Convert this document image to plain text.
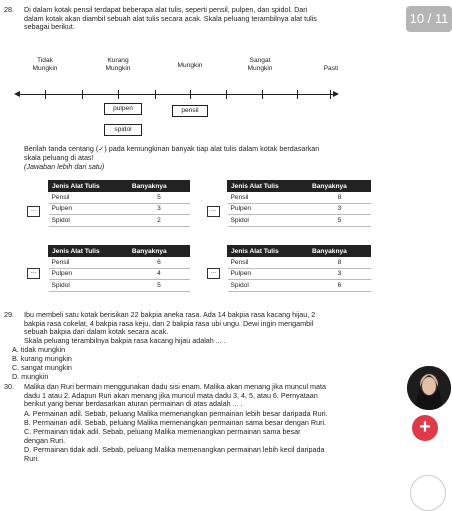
28. Di dalam kotak pensil terdapat beberapa alat tulis, seperti pensil, pulpen, dan spidol. Dari
dalam kotak akan diambil sebuah alat tulis secara acak. Skala peluang terambilnya alat tulis
sebagai berikut.
10 / 11
Tidak
Mungkin
Kurang
Mungkin	Mungkin
Sangat
Mungkin	Pasti
pulpen	pensil
spidol
Berilah tanda centang (✓) pada kemungkinan banyak tiap alat tulis dalam kotak berdasarkan
skala peluang di atas!
(Jawaban lebih dari satu)
...
Jenis Alat Tulis	Banyaknya
Pensil	5
Pulpen	3
Spidol	2
...
Jenis Alat Tulis	Banyaknya
Pensil	8
Pulpen	3
Spidol	5
...
Jenis Alat Tulis	Banyaknya
Pensil	6
Pulpen	4
Spidol	5
...
Jenis Alat Tulis	Banyaknya
Pensil	8
Pulpen	3
Spidol	6
29. Ibu membeli satu kotak berisikan 22 bakpia aneka rasa. Ada 14 bakpia rasa kacang hijau, 2
bakpia rasa cokelat, 4 bakpia rasa keju, dan 2 bakpia rasa ubi ungu. Dewi ingin mengambil
sebuah bakpia dari dalam kotak secara acak.
Skala peluang terambilnya bakpia rasa kacang hijau adalah ... .
A. tidak mungkin
B. kurang mungkin
C. sangat mungkin
D. mungkin
30. Malika dan Ruri bermain menggunakan dadu sisi enam. Malika akan menang jika muncul mata
dadu 1 atau 2. Adapun Ruri akan menang jika muncul mata dadu 3, 4, 5, atau 6. Pernyataan
berikut yang benar berdasarkan aturan permainan di atas adalah ... .
A. Permainan adil. Sebab, peluang Malika memenangkan permainan lebih besar daripada Ruri.
B. Permainan adil. Sebab, peluang Malika memenangkan permainan sama besar dengan Ruri.
C. Permainan tidak adil. Sebab, peluang Malika memenangkan permainan sama besar
dengan Ruri.
D. Permainan tidak adil. Sebab, peluang Malika memenangkan permainan lebih kecil daripada
Ruri.
+
